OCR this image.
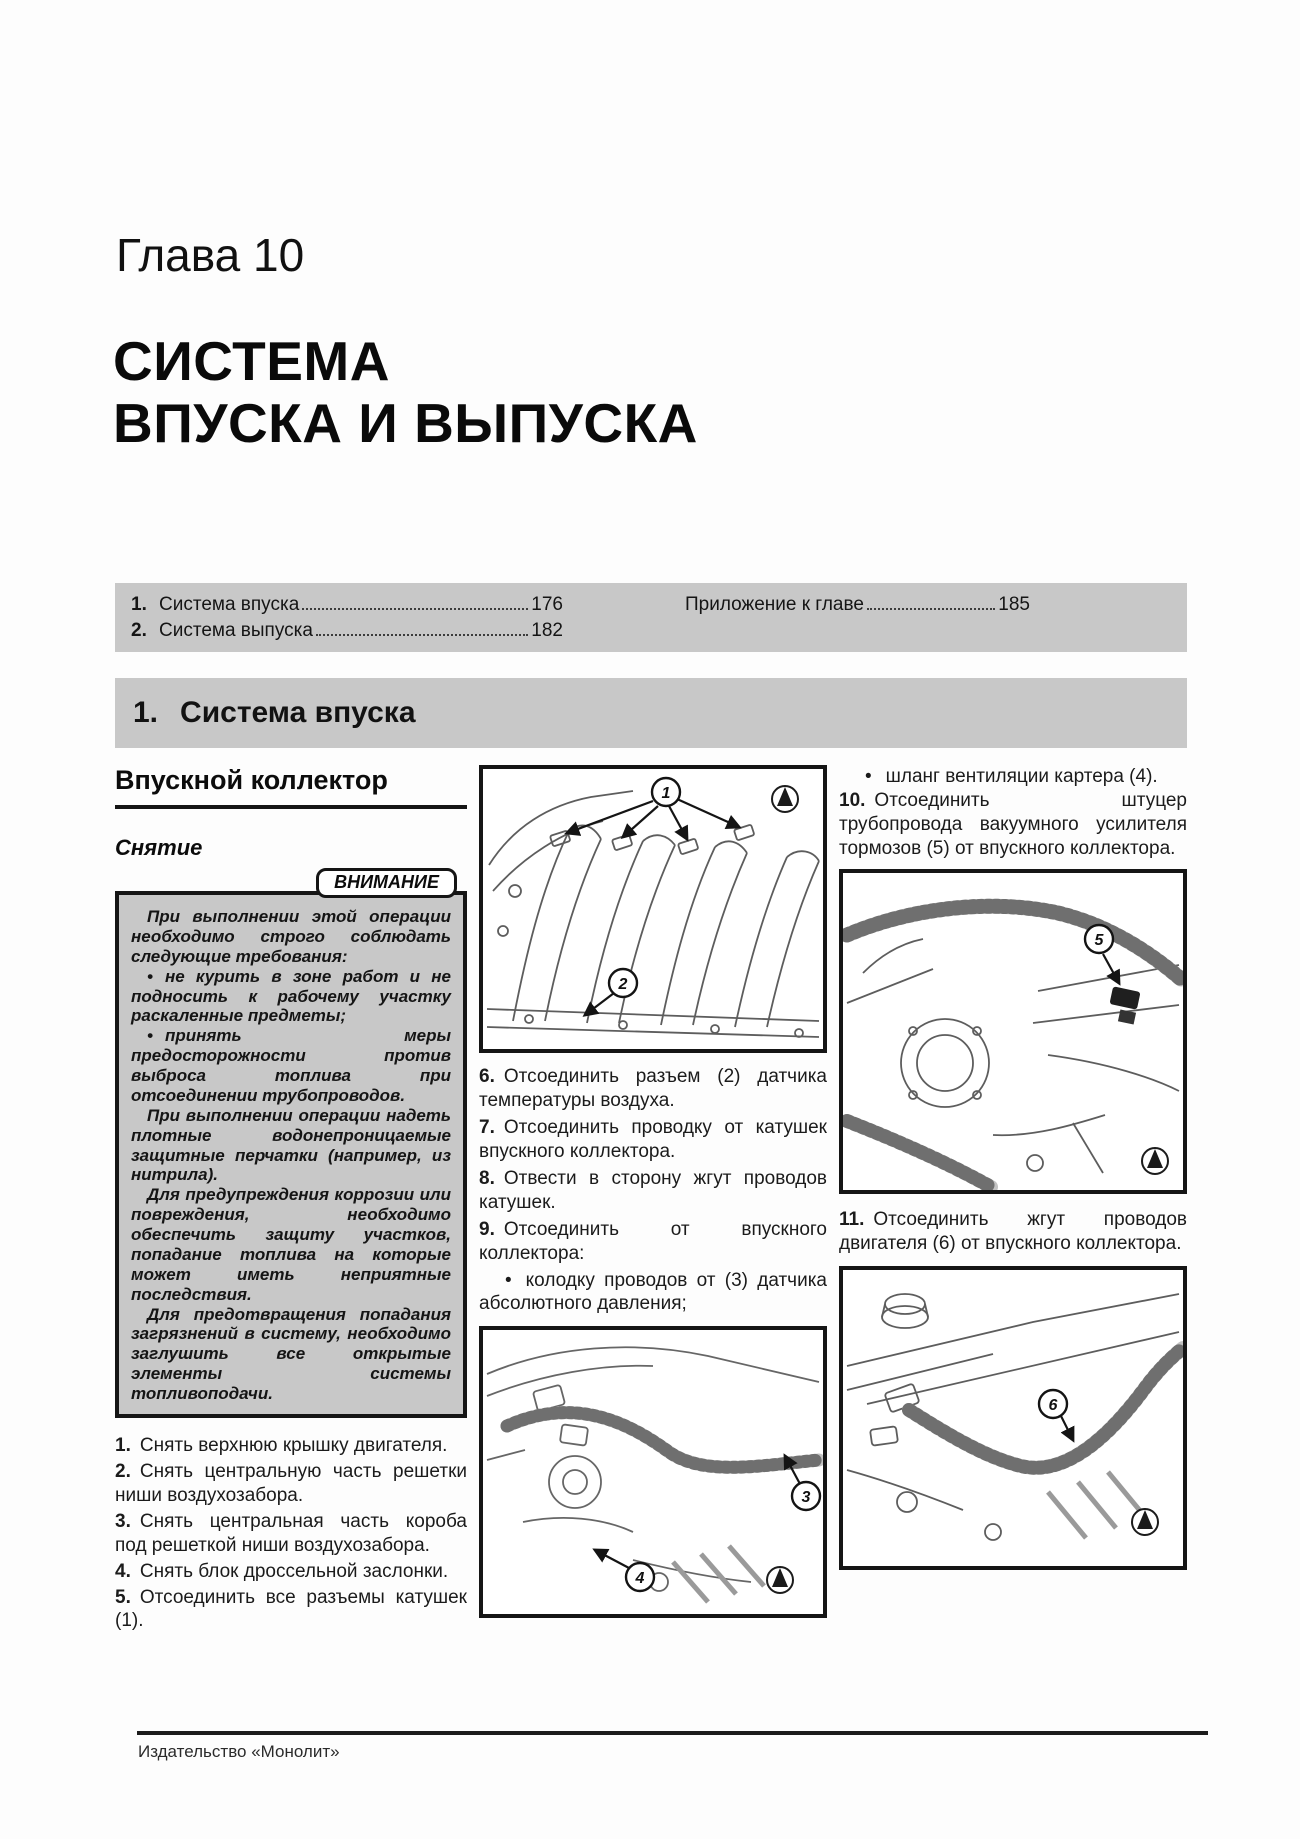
Глава 10
СИСТЕМА
ВПУСКА И ВЫПУСКА
1. Система впуска	176
2. Система выпуска	182
Приложение к главе	185
1. Система впуска
Впускной коллектор
Снятие
ВНИМАНИЕ

При выполнении этой операции необходимо строго соблюдать следующие требования:

• не курить в зоне работ и не подносить к рабочему участку раскаленные предметы;

• принять меры предосторожности против выброса топлива при отсоединении трубопроводов.

При выполнении операции надеть плотные водонепроницаемые защитные перчатки (например, из нитрила).

Для предупреждения коррозии или повреждения, необходимо обеспечить защиту участков, попадание топлива на которые может иметь неприятные последствия.

Для предотвращения попадания загрязнений в систему, необходимо заглушить все открытые элементы системы топливоподачи.

1. Снять верхнюю крышку двигателя.

2. Снять центральную часть решетки ниши воздухозабора.

3. Снять центральная часть короба под решеткой ниши воздухозабора.

4. Снять блок дроссельной заслонки.

5. Отсоединить все разъемы катушек (1).

1
2

6. Отсоединить разъем (2) датчика температуры воздуха.

7. Отсоединить проводку от катушек впускного коллектора.

8. Отвести в сторону жгут проводов катушек.

9. Отсоединить от впускного коллектора:

• колодку проводов от (3) датчика абсолютного давления;

3
4

• шланг вентиляции картера (4).

10. Отсоединить штуцер трубопровода вакуумного усилителя тормозов (5) от впускного коллектора.

5

11. Отсоединить жгут проводов двигателя (6) от впускного коллектора.

6
Издательство «Монолит»
